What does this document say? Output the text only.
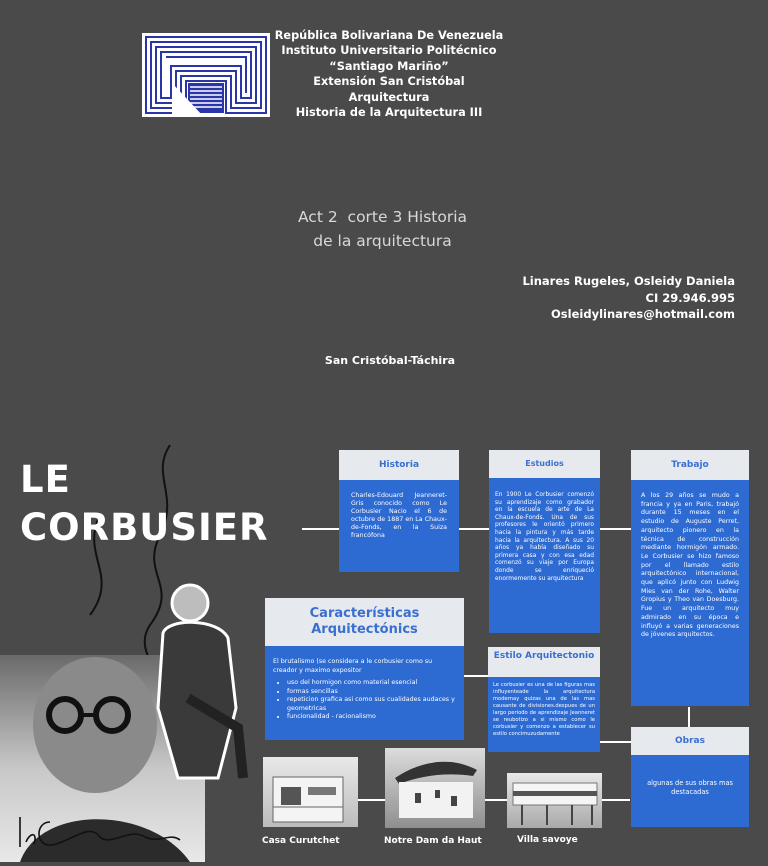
República Bolivariana De Venezuela
Instituto Universitario Politécnico
“Santiago Mariño”
Extensión San Cristóbal
Arquitectura
Historia de la Arquitectura III
Act 2  corte 3 Historia
de la arquitectura
Linares Rugeles, Osleidy Daniela
CI 29.946.995
Osleidylinares@hotmail.com
San Cristóbal-Táchira
LE
CORBUSIER
Historia
Charles-Edouard Jeanneret-Gris conocido como Le Corbusier Nacio el 6 de octubre de 1887 en La Chaux-de-Fonds, en la Suiza francófona
Estudios
En 1900 Le Corbusier comenzó su aprendizaje como grabador en la escuela de arte de La Chaux-de-Fonds. Una de sus profesores le orientó primero hacia la pintura y más tarde hacia la arquitectura. A sus 20 años ya había diseñado su primera casa y con esa edad comenzó su viaje por Europa donde se enriqueció enormemente su arquitectura
Trabajo
A los 29 años se mudo a francia y ya en Paris, trabajó durante 15 meses en el estudio de Auguste Perret, arquitecto pionero en la técnica de construcción mediante hormigón armado. Le Corbusier se hizo famoso por el llamado estilo arquitectónico internacional, que aplicó junto con Ludwig Mies van der Rohe, Walter Gropius y Theo van Doesburg. Fue un arquitecto muy admirado en su época e influyó a varias generaciones de jóvenes arquitectos.
Características Arquitectónics
El brutalismo (se considera a le corbusier como su creador y maximo expositor
• uso del hormigon como material esencial
• formas sencillas
• repeticion grafica asi como sus cualidades audaces y geometricas
• funcionalidad - racionalismo
Estilo Arquitectonio
Le corbusier es una de las figuras mas influyenteade la arquitectura modernay quizas una de las mas causante de divisiones.despues de un largo periodo de aprendizaje Jeanneret se reubotizo a si mismo como le corbusier y comenzo a establecer su estilo concimuzudamente
Obras
algunas de sus obras mas destacadas
Casa Curutchet	Notre Dam da Haut	Villa savoye
